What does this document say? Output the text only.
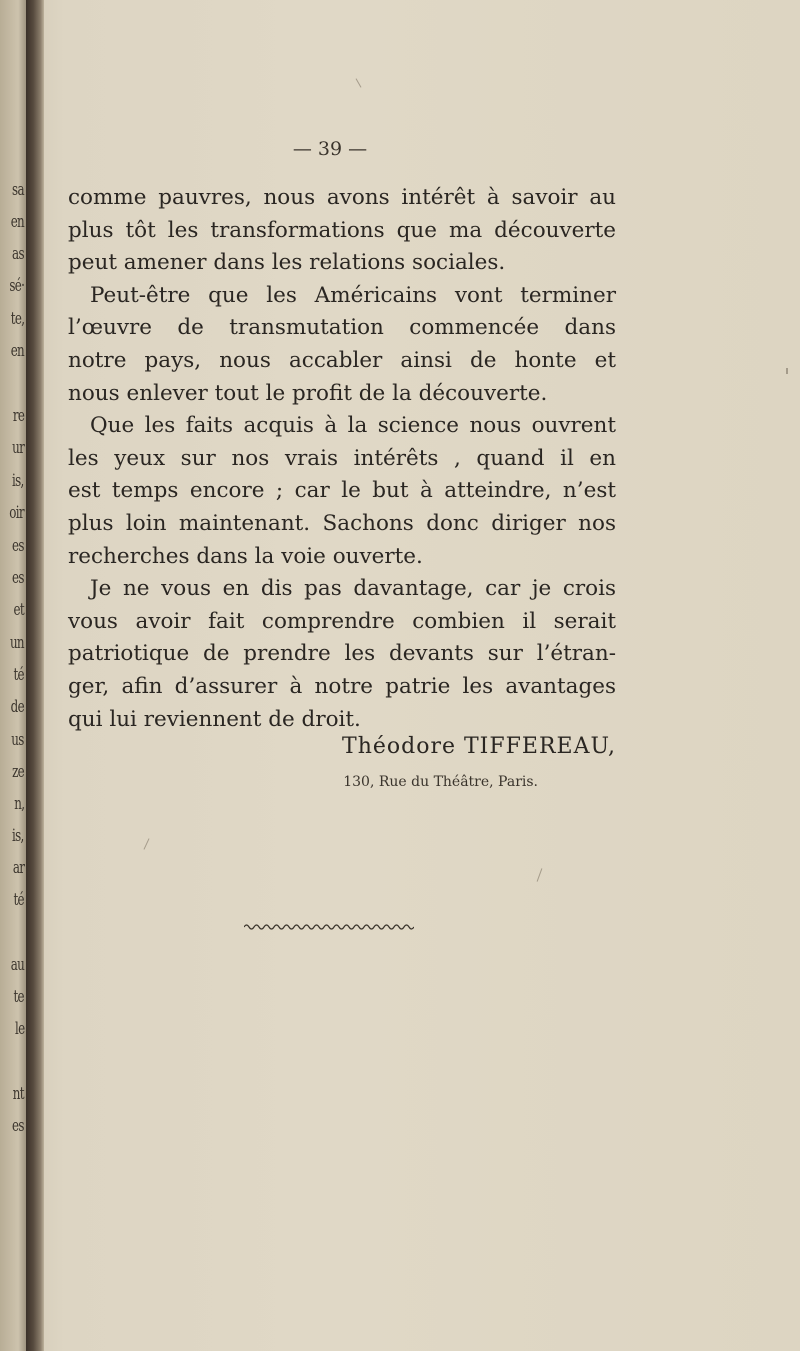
sa
en
as
sé·
te,
en
re
ur
is,
oir
es
es
et
un
té
de
us
ze
n,
is,
ar
té
au
te
le
nt
es
— 39 —
comme pauvres, nous avons intérêt à savoir au
plus tôt les transformations que ma découverte
peut amener dans les relations sociales.
Peut-être que les Américains vont terminer
l’œuvre de transmutation commencée dans
notre pays, nous accabler ainsi de honte et
nous enlever tout le profit de la découverte.
Que les faits acquis à la science nous ouvrent
les yeux sur nos vrais intérêts , quand il en
est temps encore ; car le but à atteindre, n’est
plus loin maintenant. Sachons donc diriger nos
recherches dans la voie ouverte.
Je ne vous en dis pas davantage, car je crois
vous avoir fait comprendre combien il serait
patriotique de prendre les devants sur l’étran-
ger, afin d’assurer à notre patrie les avantages
qui lui reviennent de droit.
Théodore TIFFEREAU,
130, Rue du Théâtre, Paris.
